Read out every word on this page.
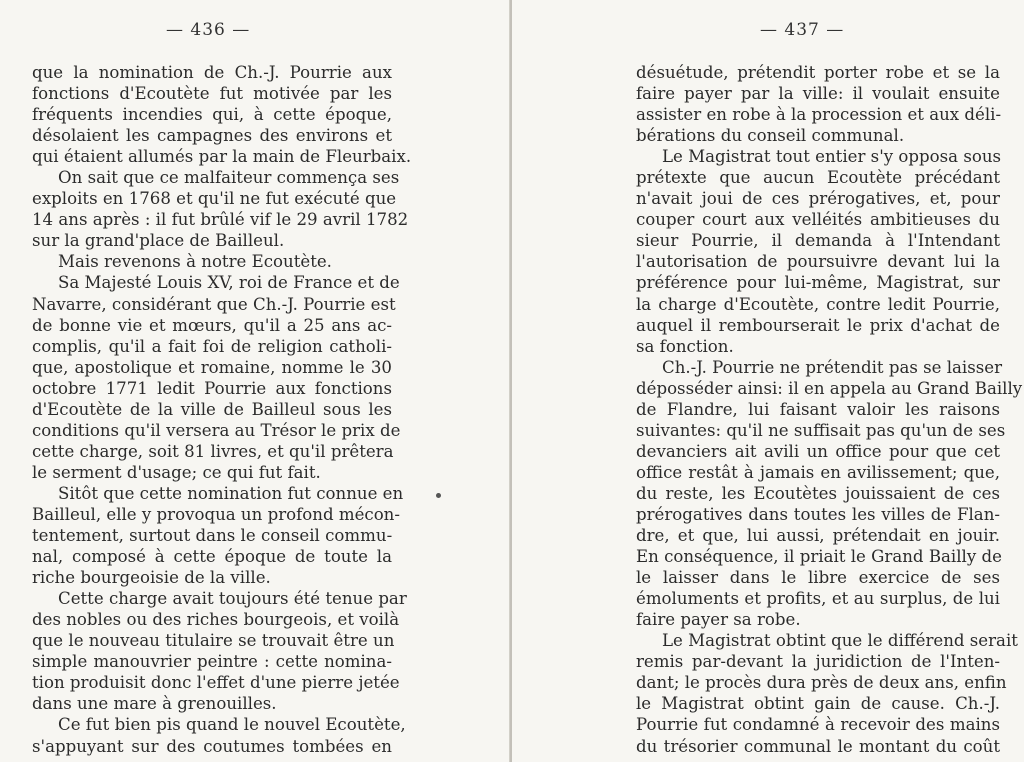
— 436 —
que la nomination de Ch.-J. Pourrie aux
fonctions d'Ecoutète fut motivée par les
fréquents incendies qui, à cette époque,
désolaient les campagnes des environs et
qui étaient allumés par la main de Fleurbaix.
On sait que ce malfaiteur commença ses
exploits en 1768 et qu'il ne fut exécuté que
14 ans après : il fut brûlé vif le 29 avril 1782
sur la grand'place de Bailleul.
Mais revenons à notre Ecoutète.
Sa Majesté Louis XV, roi de France et de
Navarre, considérant que Ch.-J. Pourrie est
de bonne vie et mœurs, qu'il a 25 ans ac-
complis, qu'il a fait foi de religion catholi-
que, apostolique et romaine, nomme le 30
octobre 1771 ledit Pourrie aux fonctions
d'Ecoutète de la ville de Bailleul sous les
conditions qu'il versera au Trésor le prix de
cette charge, soit 81 livres, et qu'il prêtera
le serment d'usage; ce qui fut fait.
Sitôt que cette nomination fut connue en
Bailleul, elle y provoqua un profond mécon-
tentement, surtout dans le conseil commu-
nal, composé à cette époque de toute la
riche bourgeoisie de la ville.
Cette charge avait toujours été tenue par
des nobles ou des riches bourgeois, et voilà
que le nouveau titulaire se trouvait être un
simple manouvrier peintre : cette nomina-
tion produisit donc l'effet d'une pierre jetée
dans une mare à grenouilles.
Ce fut bien pis quand le nouvel Ecoutète,
s'appuyant sur des coutumes tombées en
— 437 —
désuétude, prétendit porter robe et se la
faire payer par la ville: il voulait ensuite
assister en robe à la procession et aux déli-
bérations du conseil communal.
Le Magistrat tout entier s'y opposa sous
prétexte que aucun Ecoutète précédant
n'avait joui de ces prérogatives, et, pour
couper court aux velléités ambitieuses du
sieur Pourrie, il demanda à l'Intendant
l'autorisation de poursuivre devant lui la
préférence pour lui-même, Magistrat, sur
la charge d'Ecoutète, contre ledit Pourrie,
auquel il rembourserait le prix d'achat de
sa fonction.
Ch.-J. Pourrie ne prétendit pas se laisser
déposséder ainsi: il en appela au Grand Bailly
de Flandre, lui faisant valoir les raisons
suivantes: qu'il ne suffisait pas qu'un de ses
devanciers ait avili un office pour que cet
office restât à jamais en avilissement; que,
du reste, les Ecoutètes jouissaient de ces
prérogatives dans toutes les villes de Flan-
dre, et que, lui aussi, prétendait en jouir.
En conséquence, il priait le Grand Bailly de
le laisser dans le libre exercice de ses
émoluments et profits, et au surplus, de lui
faire payer sa robe.
Le Magistrat obtint que le différend serait
remis par-devant la juridiction de l'Inten-
dant; le procès dura près de deux ans, enfin
le Magistrat obtint gain de cause. Ch.-J.
Pourrie fut condamné à recevoir des mains
du trésorier communal le montant du coût
